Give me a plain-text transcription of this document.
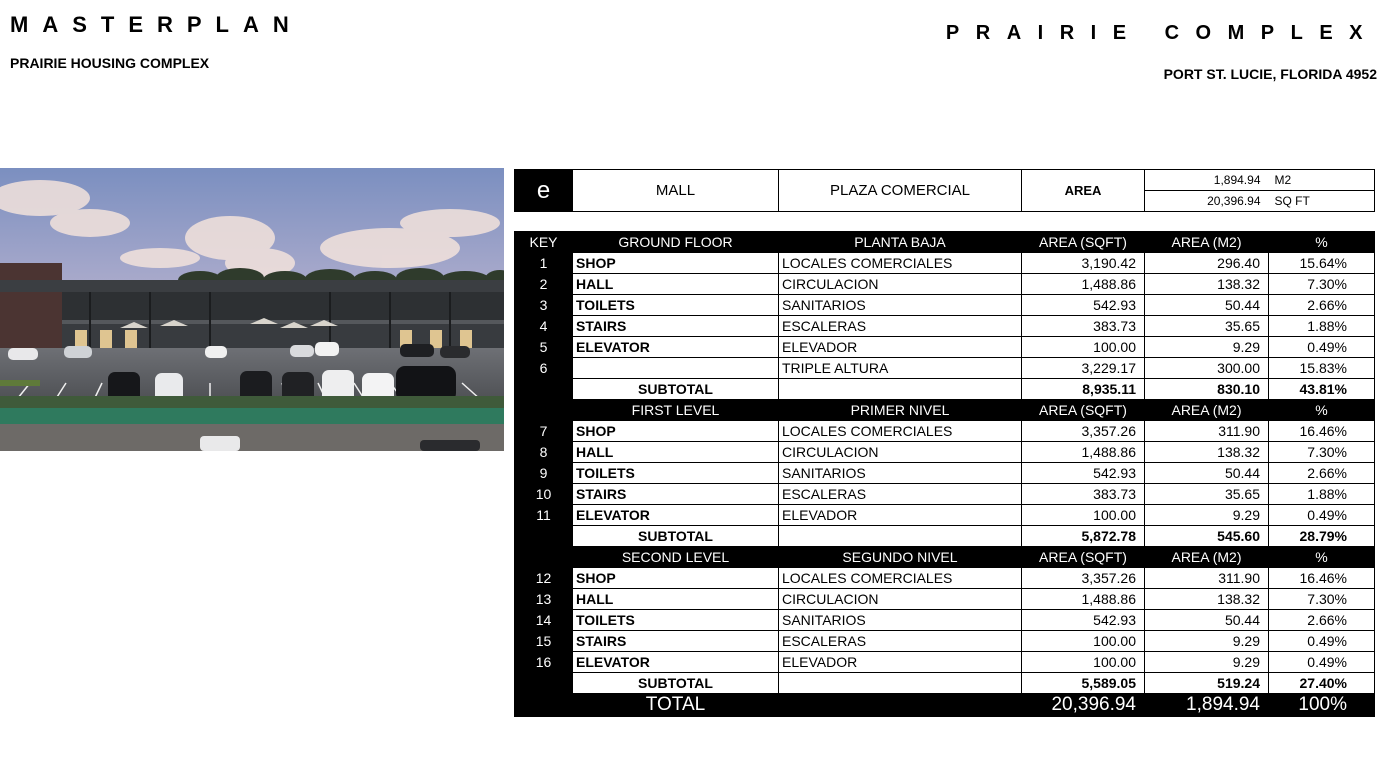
MASTERPLAN
PRAIRIE HOUSING COMPLEX
PRAIRIE COMPLEX
PORT ST. LUCIE, FLORIDA 4952
e	MALL	PLAZA COMERCIAL	AREA	1,894.94	M2
				20,396.94	SQ FT
KEY	GROUND FLOOR	PLANTA BAJA	AREA (SQFT)	AREA (M2)	%
1	SHOP	LOCALES COMERCIALES	3,190.42	296.40	15.64%
2	HALL	CIRCULACION	1,488.86	138.32	7.30%
3	TOILETS	SANITARIOS	542.93	50.44	2.66%
4	STAIRS	ESCALERAS	383.73	35.65	1.88%
5	ELEVATOR	ELEVADOR	100.00	9.29	0.49%
6		TRIPLE ALTURA	3,229.17	300.00	15.83%
	SUBTOTAL		8,935.11	830.10	43.81%
	FIRST LEVEL	PRIMER NIVEL	AREA (SQFT)	AREA (M2)	%
7	SHOP	LOCALES COMERCIALES	3,357.26	311.90	16.46%
8	HALL	CIRCULACION	1,488.86	138.32	7.30%
9	TOILETS	SANITARIOS	542.93	50.44	2.66%
10	STAIRS	ESCALERAS	383.73	35.65	1.88%
11	ELEVATOR	ELEVADOR	100.00	9.29	0.49%
	SUBTOTAL		5,872.78	545.60	28.79%
	SECOND LEVEL	SEGUNDO NIVEL	AREA (SQFT)	AREA (M2)	%
12	SHOP	LOCALES COMERCIALES	3,357.26	311.90	16.46%
13	HALL	CIRCULACION	1,488.86	138.32	7.30%
14	TOILETS	SANITARIOS	542.93	50.44	2.66%
15	STAIRS	ESCALERAS	100.00	9.29	0.49%
16	ELEVATOR	ELEVADOR	100.00	9.29	0.49%
	SUBTOTAL		5,589.05	519.24	27.40%
	TOTAL		20,396.94	1,894.94	100%
